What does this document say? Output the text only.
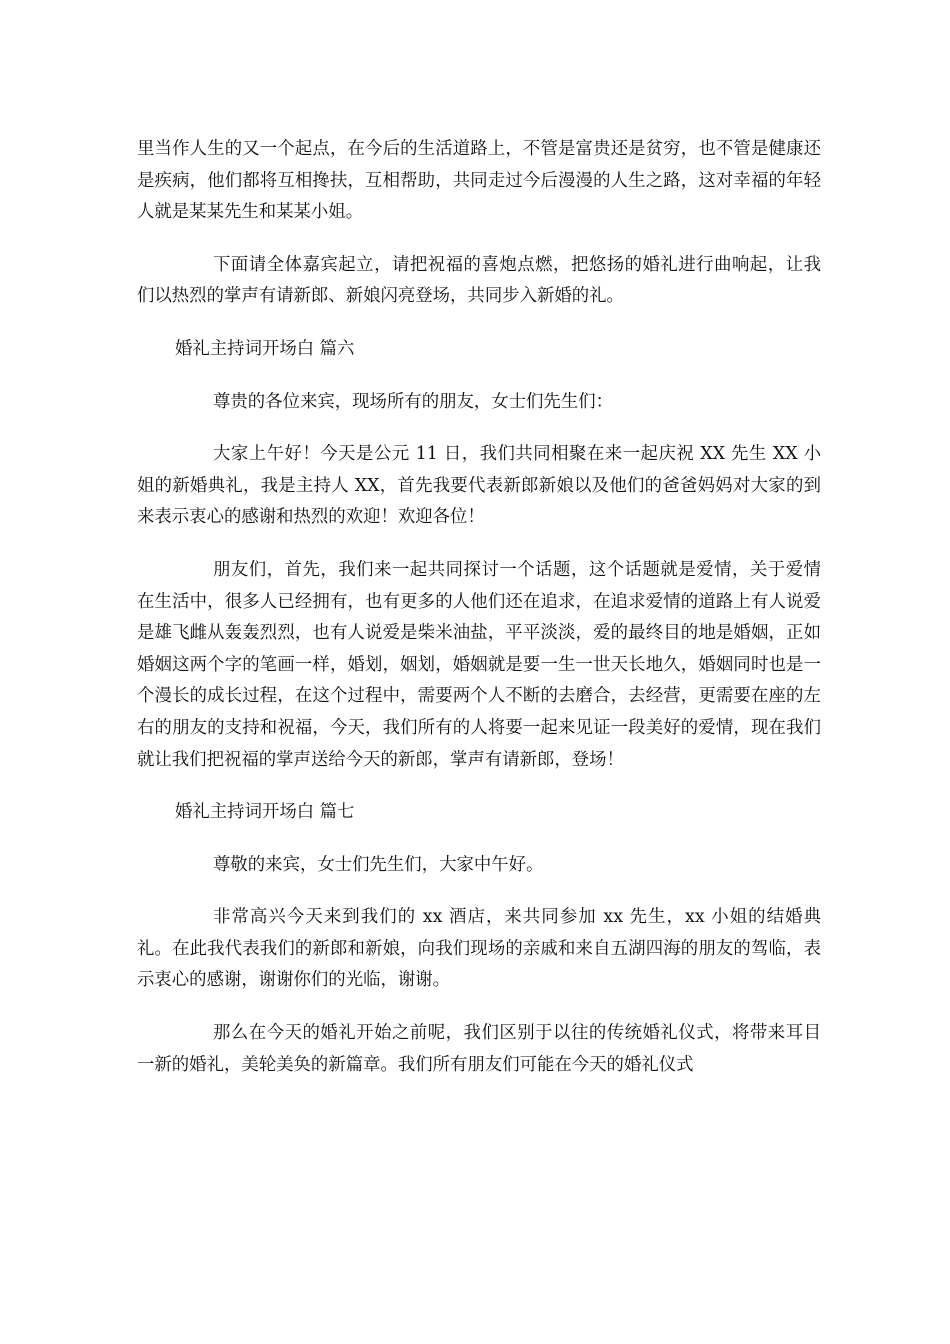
里当作人生的又一个起点，在今后的生活道路上，不管是富贵还是贫穷，也不管是健康还是疾病，他们都将互相搀扶，互相帮助，共同走过今后漫漫的人生之路，这对幸福的年轻人就是某某先生和某某小姐。

下面请全体嘉宾起立，请把祝福的喜炮点燃，把悠扬的婚礼进行曲响起，让我们以热烈的掌声有请新郎、新娘闪亮登场，共同步入新婚的礼。

婚礼主持词开场白 篇六

尊贵的各位来宾，现场所有的朋友，女士们先生们：

大家上午好！今天是公元 11 日，我们共同相聚在来一起庆祝 XX 先生 XX 小姐的新婚典礼，我是主持人 XX，首先我要代表新郎新娘以及他们的爸爸妈妈对大家的到来表示衷心的感谢和热烈的欢迎！欢迎各位！

朋友们，首先，我们来一起共同探讨一个话题，这个话题就是爱情，关于爱情在生活中，很多人已经拥有，也有更多的人他们还在追求，在追求爱情的道路上有人说爱是雄飞雌从轰轰烈烈，也有人说爱是柴米油盐，平平淡淡，爱的最终目的地是婚姻，正如婚姻这两个字的笔画一样，婚划，姻划，婚姻就是要一生一世天长地久，婚姻同时也是一个漫长的成长过程，在这个过程中，需要两个人不断的去磨合，去经营，更需要在座的左右的朋友的支持和祝福，今天，我们所有的人将要一起来见证一段美好的爱情，现在我们就让我们把祝福的掌声送给今天的新郎，掌声有请新郎，登场！

婚礼主持词开场白 篇七

尊敬的来宾，女士们先生们，大家中午好。

非常高兴今天来到我们的 xx 酒店，来共同参加 xx 先生，xx 小姐的结婚典礼。在此我代表我们的新郎和新娘，向我们现场的亲戚和来自五湖四海的朋友的驾临，表示衷心的感谢，谢谢你们的光临，谢谢。

那么在今天的婚礼开始之前呢，我们区别于以往的传统婚礼仪式，将带来耳目一新的婚礼，美轮美奂的新篇章。我们所有朋友们可能在今天的婚礼仪式
